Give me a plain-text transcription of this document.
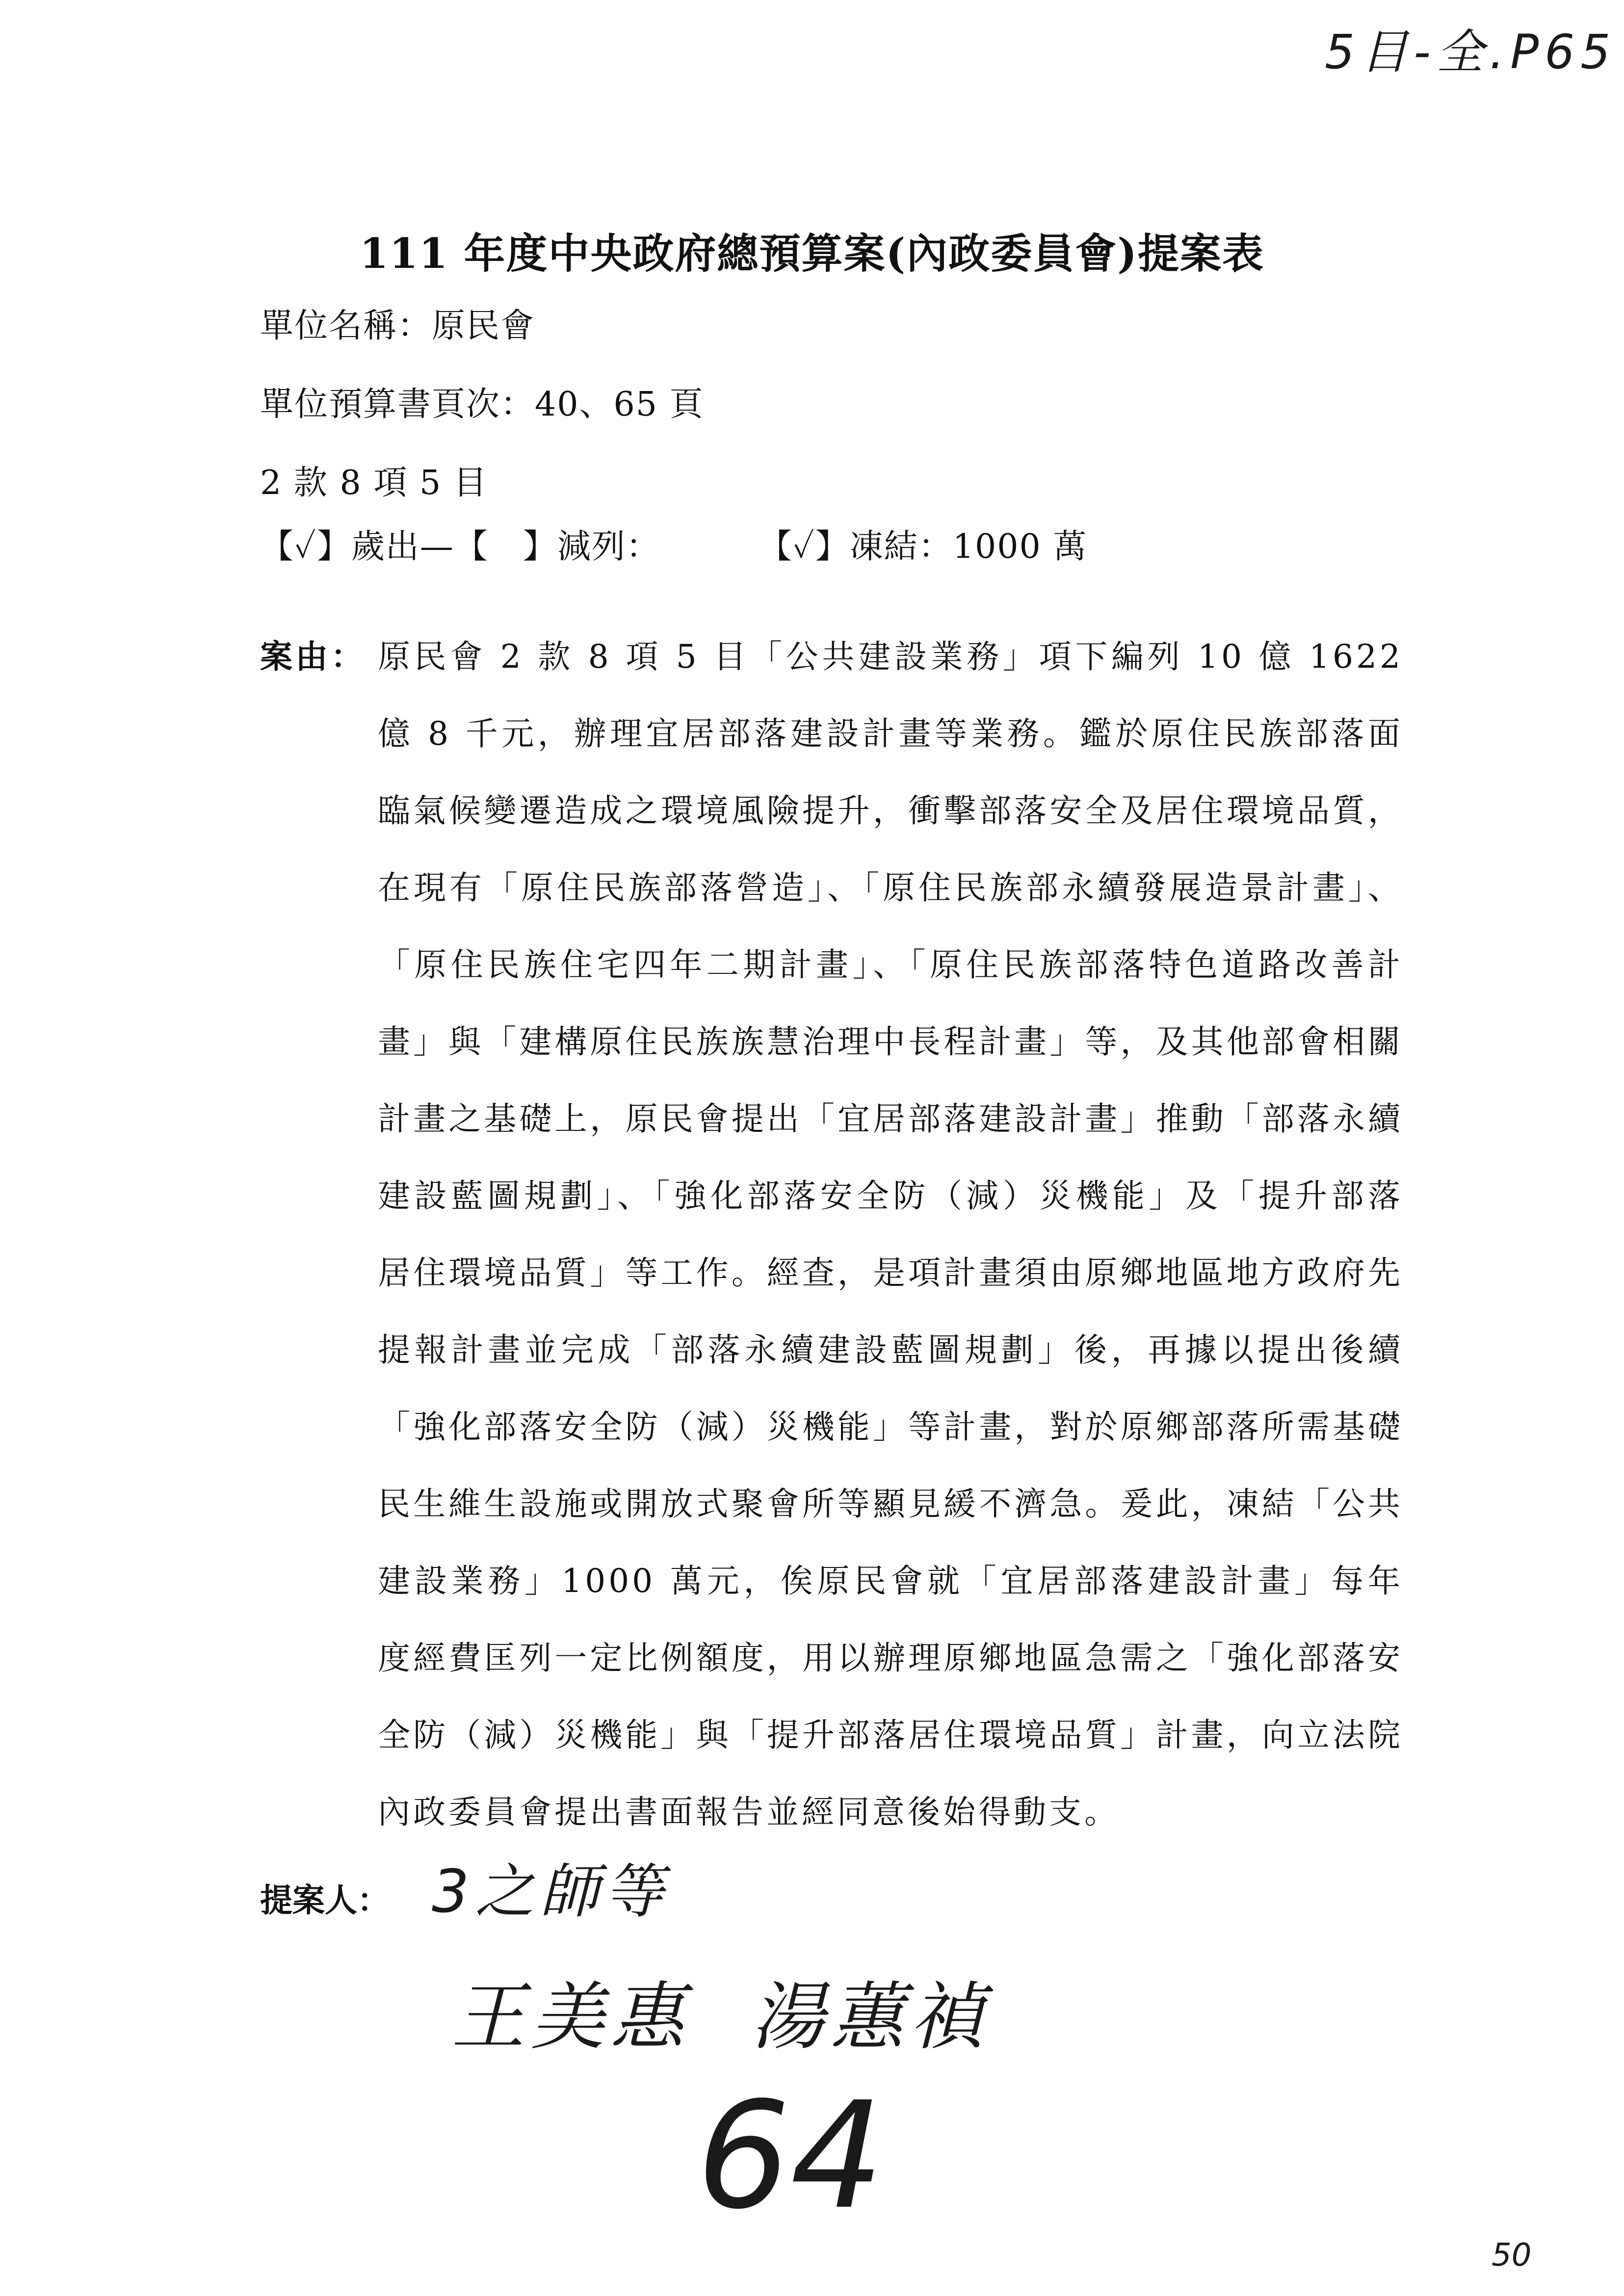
5目-全.P65
111 年度中央政府總預算案(內政委員會)提案表
單位名稱：原民會
單位預算書頁次：40、65 頁
2 款 8 項 5 目
【✓】歲出—【　】減列：	【✓】凍結：1000 萬
案由： 原民會 2 款 8 項 5 目「公共建設業務」項下編列 10 億 1622 億 8 千元，辦理宜居部落建設計畫等業務。鑑於原住民族部落面臨氣候變遷造成之環境風險提升，衝擊部落安全及居住環境品質，在現有「原住民族部落營造」、「原住民族部永續發展造景計畫」、「原住民族住宅四年二期計畫」、「原住民族部落特色道路改善計畫」與「建構原住民族族慧治理中長程計畫」等，及其他部會相關計畫之基礎上，原民會提出「宜居部落建設計畫」推動「部落永續建設藍圖規劃」、「強化部落安全防（減）災機能」及「提升部落居住環境品質」等工作。經查，是項計畫須由原鄉地區地方政府先提報計畫並完成「部落永續建設藍圖規劃」後，再據以提出後續「強化部落安全防（減）災機能」等計畫，對於原鄉部落所需基礎民生維生設施或開放式聚會所等顯見緩不濟急。爰此，凍結「公共建設業務」1000 萬元，俟原民會就「宜居部落建設計畫」每年度經費匡列一定比例額度，用以辦理原鄉地區急需之「強化部落安全防（減）災機能」與「提升部落居住環境品質」計畫，向立法院內政委員會提出書面報告並經同意後始得動支。

提案人： 3之師等
王美惠 湯蕙禎
64
50
